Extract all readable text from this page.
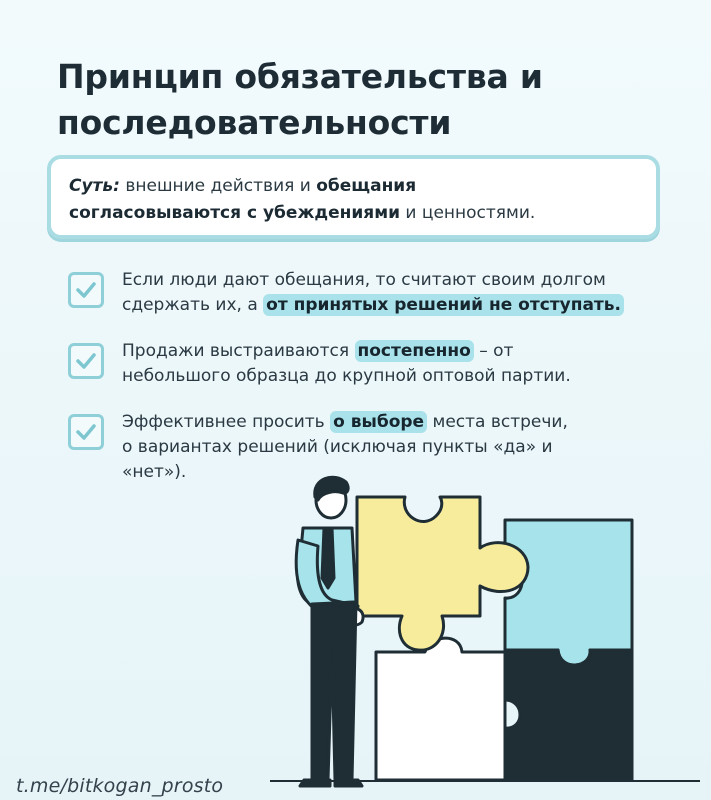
Принцип обязательства и
последовательности
Суть: внешние действия и обещания
согласовываются с убеждениями и ценностями.
Если люди дают обещания, то считают своим долгом
сдержать их, а от принятых решений не отступать.
Продажи выстраиваются постепенно – от
небольшого образца до крупной оптовой партии.
Эффективнее просить о выборе места встречи,
о вариантах решений (исключая пункты «да» и
«нет»).
t.me/bitkogan_prosto
